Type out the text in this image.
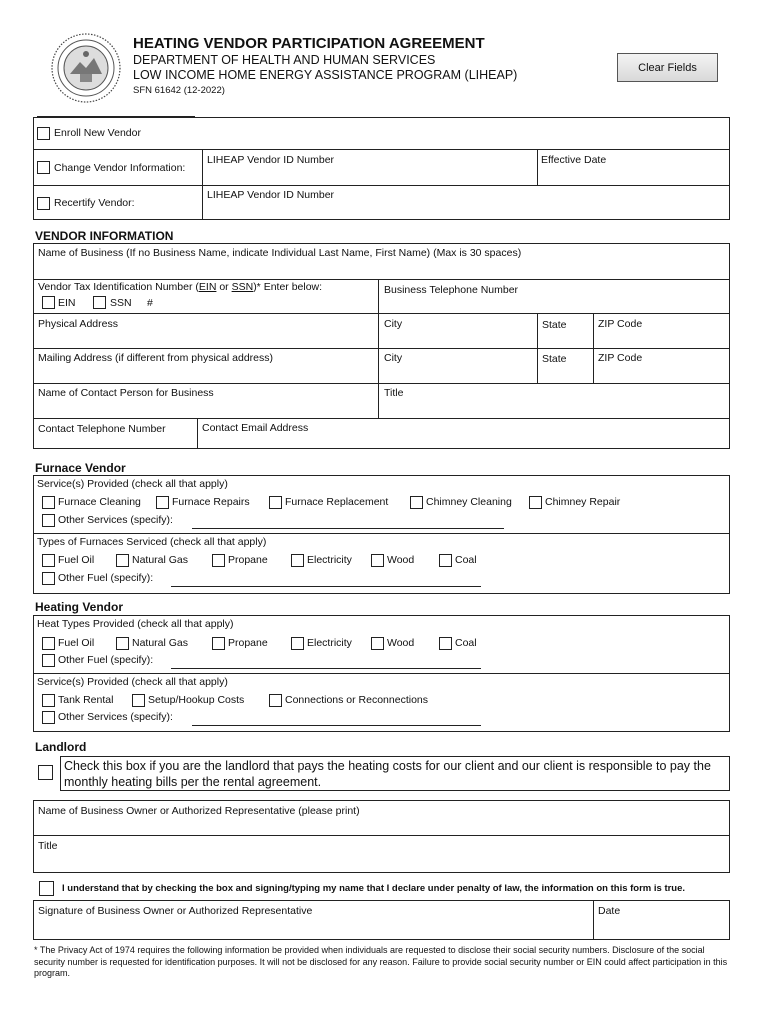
HEATING VENDOR PARTICIPATION AGREEMENT
DEPARTMENT OF HEALTH AND HUMAN SERVICES
LOW INCOME HOME ENERGY ASSISTANCE PROGRAM (LIHEAP)
SFN 61642 (12-2022)
Clear Fields
Enroll New Vendor
Change Vendor Information:
LIHEAP Vendor ID Number	Effective Date
Recertify Vendor:
LIHEAP Vendor ID Number
VENDOR INFORMATION
Name of Business (If no Business Name, indicate Individual Last Name, First Name) (Max is 30 spaces)
Vendor Tax Identification Number (EIN or SSN)* Enter below:
EIN	SSN #
Business Telephone Number
Physical Address	City	State	ZIP Code
Mailing Address (if different from physical address)	City	State	ZIP Code
Name of Contact Person for Business	Title
Contact Telephone Number	Contact Email Address
Furnace Vendor
Service(s) Provided (check all that apply)
Furnace Cleaning	Furnace Repairs	Furnace Replacement	Chimney Cleaning	Chimney Repair
Other Services (specify):
Types of Furnaces Serviced (check all that apply)
Fuel Oil	Natural Gas	Propane	Electricity	Wood	Coal
Other Fuel (specify):
Heating Vendor
Heat Types Provided (check all that apply)
Fuel Oil	Natural Gas	Propane	Electricity	Wood	Coal
Other Fuel (specify):
Service(s) Provided (check all that apply)
Tank Rental	Setup/Hookup Costs	Connections or Reconnections
Other Services (specify):
Landlord
Check this box if you are the landlord that pays the heating costs for our client and our client is responsible to pay the monthly heating bills per the rental agreement.
Name of Business Owner or Authorized Representative (please print)
Title
I understand that by checking the box and signing/typing my name that I declare under penalty of law, the information on this form is true.
Signature of Business Owner or Authorized Representative	Date
* The Privacy Act of 1974 requires the following information be provided when individuals are requested to disclose their social security numbers. Disclosure of the social security number is requested for identification purposes. It will not be disclosed for any reason. Failure to provide social security number or EIN could affect participation in this program.
